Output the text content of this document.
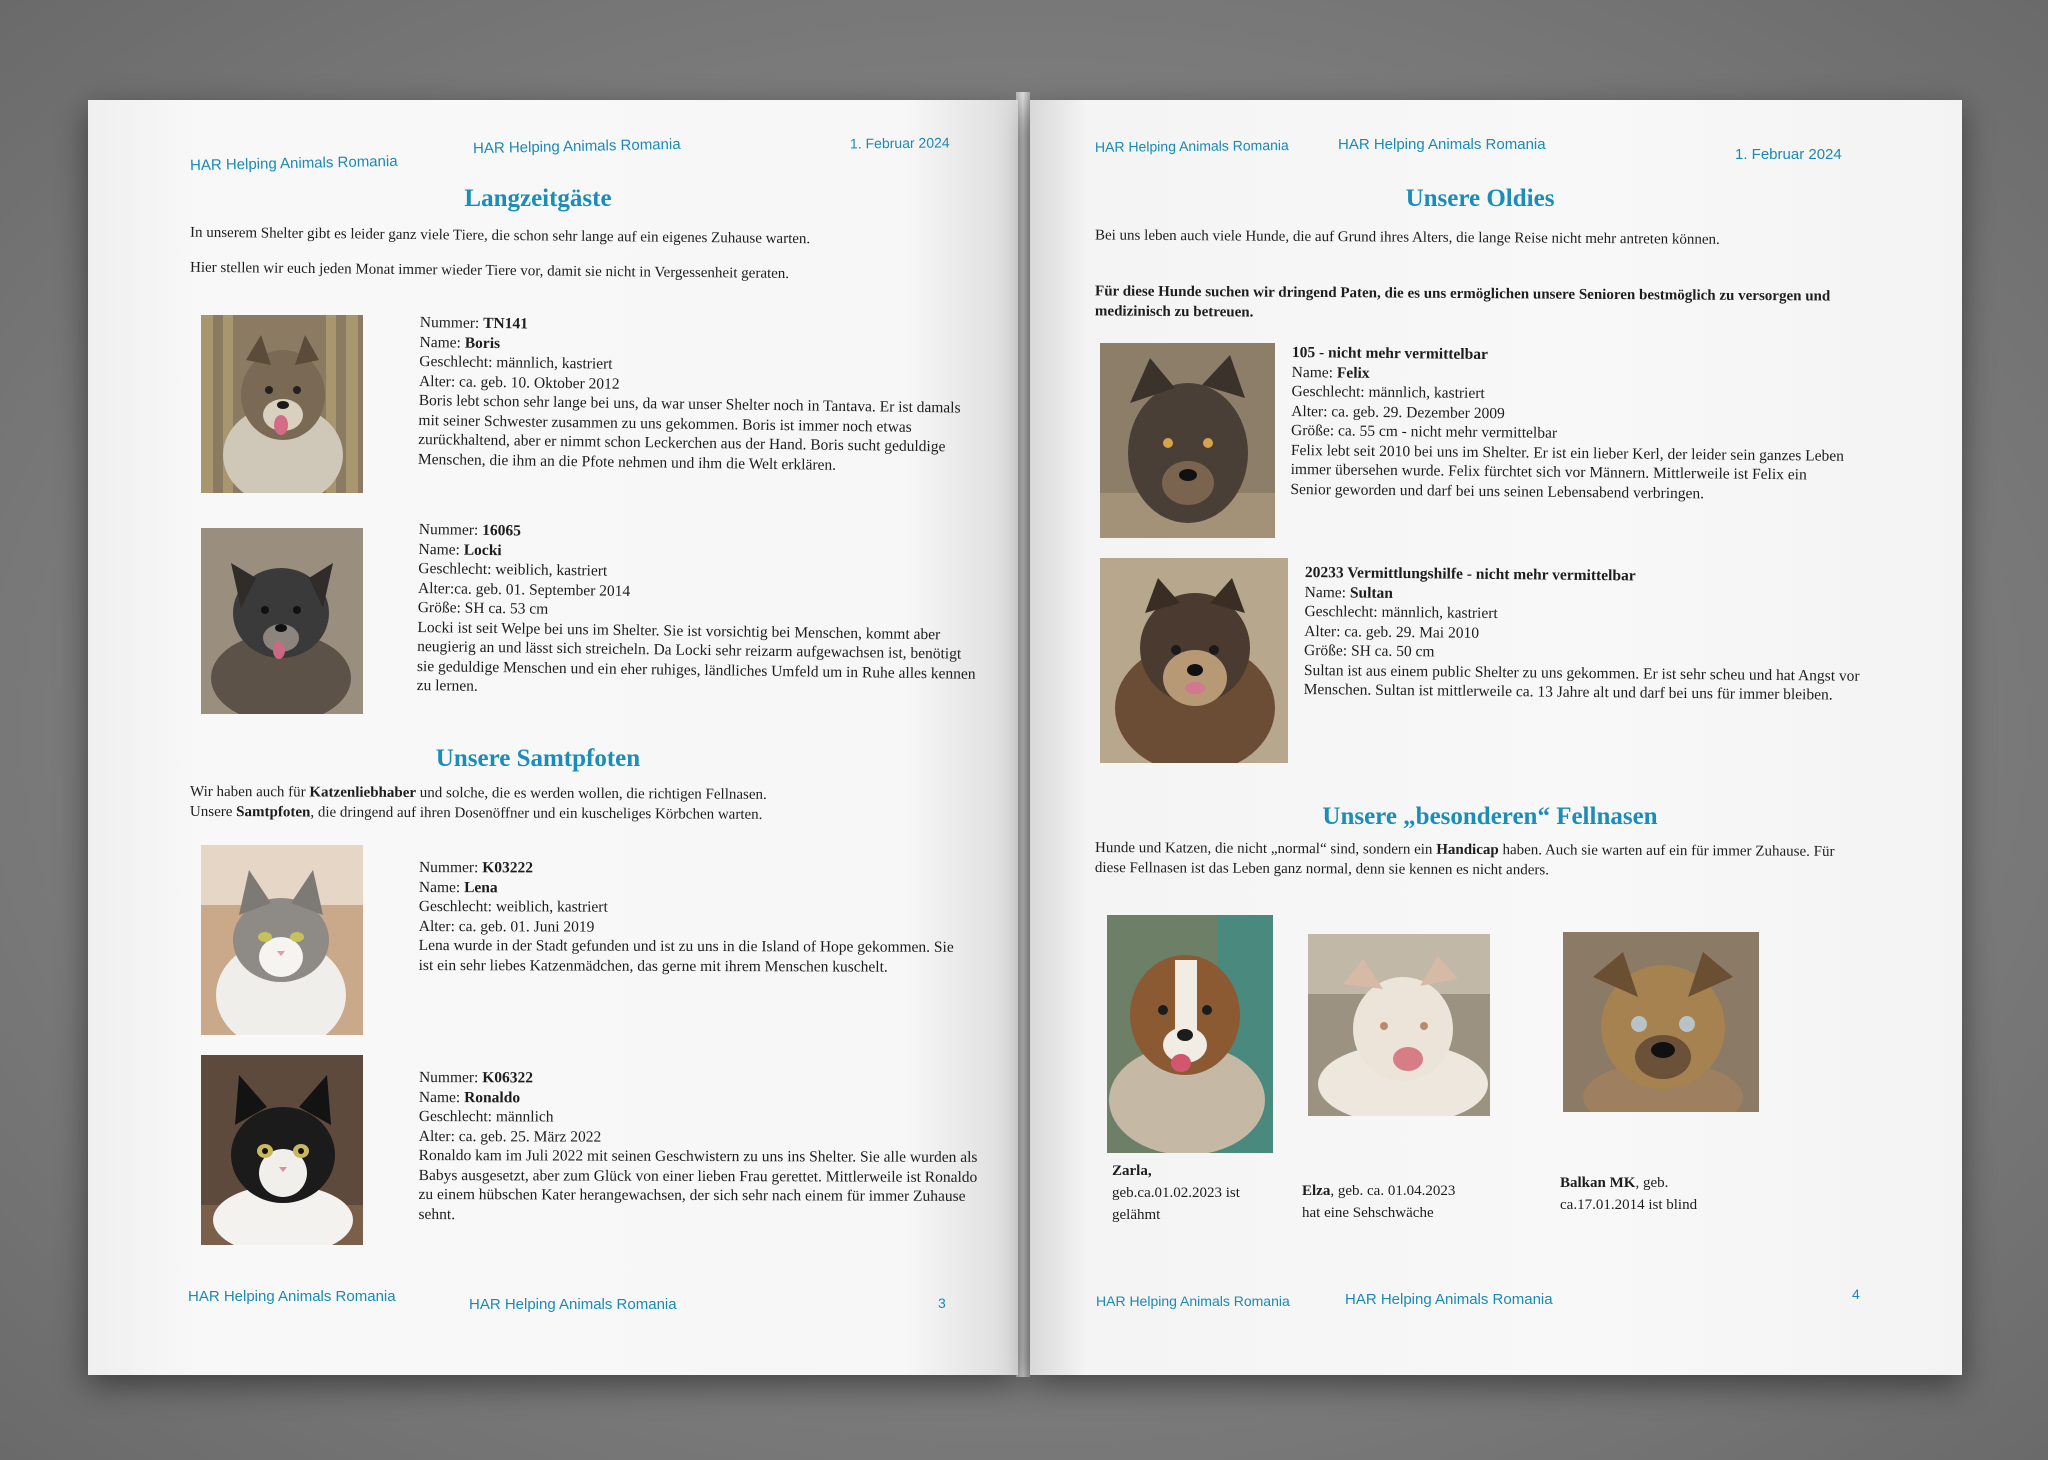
HAR Helping Animals Romania
HAR Helping Animals Romania	1. Februar 2024
Langzeitgäste
In unserem Shelter gibt es leider ganz viele Tiere, die schon sehr lange auf ein eigenes Zuhause warten.
Hier stellen wir euch jeden Monat immer wieder Tiere vor, damit sie nicht in Vergessenheit geraten.
Nummer: TN141
Name: Boris
Geschlecht: männlich, kastriert
Alter: ca. geb. 10. Oktober 2012
Boris lebt schon sehr lange bei uns, da war unser Shelter noch in Tantava. Er ist damals mit seiner Schwester zusammen zu uns gekommen. Boris ist immer noch etwas zurückhaltend, aber er nimmt schon Leckerchen aus der Hand. Boris sucht geduldige Menschen, die ihm an die Pfote nehmen und ihm die Welt erklären.
Nummer: 16065
Name: Locki
Geschlecht: weiblich, kastriert
Alter:ca. geb. 01. September 2014
Größe: SH ca. 53 cm
Locki ist seit Welpe bei uns im Shelter. Sie ist vorsichtig bei Menschen, kommt aber neugierig an und lässt sich streicheln. Da Locki sehr reizarm aufgewachsen ist, benötigt sie geduldige Menschen und ein eher ruhiges, ländliches Umfeld um in Ruhe alles kennen zu lernen.
Unsere Samtpfoten
Wir haben auch für Katzenliebhaber und solche, die es werden wollen, die richtigen Fellnasen.
Unsere Samtpfoten, die dringend auf ihren Dosenöffner und ein kuscheliges Körbchen warten.
Nummer: K03222
Name: Lena
Geschlecht: weiblich, kastriert
Alter: ca. geb. 01. Juni 2019
Lena wurde in der Stadt gefunden und ist zu uns in die Island of Hope gekommen. Sie ist ein sehr liebes Katzenmädchen, das gerne mit ihrem Menschen kuschelt.
Nummer: K06322
Name: Ronaldo
Geschlecht: männlich
Alter: ca. geb. 25. März 2022
Ronaldo kam im Juli 2022 mit seinen Geschwistern zu uns ins Shelter. Sie alle wurden als Babys ausgesetzt, aber zum Glück von einer lieben Frau gerettet. Mittlerweile ist Ronaldo zu einem hübschen Kater herangewachsen, der sich sehr nach einem für immer Zuhause sehnt.
HAR Helping Animals Romania	HAR Helping Animals Romania	3
HAR Helping Animals Romania	HAR Helping Animals Romania
1. Februar 2024
Unsere Oldies
Bei uns leben auch viele Hunde, die auf Grund ihres Alters, die lange Reise nicht mehr antreten können.
Für diese Hunde suchen wir dringend Paten, die es uns ermöglichen unsere Senioren bestmöglich zu versorgen und medizinisch zu betreuen.
105 - nicht mehr vermittelbar
Name: Felix
Geschlecht: männlich, kastriert
Alter: ca. geb. 29. Dezember 2009
Größe: ca. 55 cm - nicht mehr vermittelbar
Felix lebt seit 2010 bei uns im Shelter. Er ist ein lieber Kerl, der leider sein ganzes Leben immer übersehen wurde. Felix fürchtet sich vor Männern. Mittlerweile ist Felix ein Senior geworden und darf bei uns seinen Lebensabend verbringen.
20233 Vermittlungshilfe - nicht mehr vermittelbar
Name: Sultan
Geschlecht: männlich, kastriert
Alter: ca. geb. 29. Mai 2010
Größe: SH ca. 50 cm
Sultan ist aus einem public Shelter zu uns gekommen. Er ist sehr scheu und hat Angst vor Menschen. Sultan ist mittlerweile ca. 13 Jahre alt und darf bei uns für immer bleiben.
Unsere „besonderen“ Fellnasen
Hunde und Katzen, die nicht „normal“ sind, sondern ein Handicap haben. Auch sie warten auf ein für immer Zuhause. Für diese Fellnasen ist das Leben ganz normal, denn sie kennen es nicht anders.
Zarla,
geb.ca.01.02.2023 ist
gelähmt
Elza, geb. ca. 01.04.2023
hat eine Sehschwäche
Balkan MK, geb.
ca.17.01.2014 ist blind
HAR Helping Animals Romania	HAR Helping Animals Romania	4
